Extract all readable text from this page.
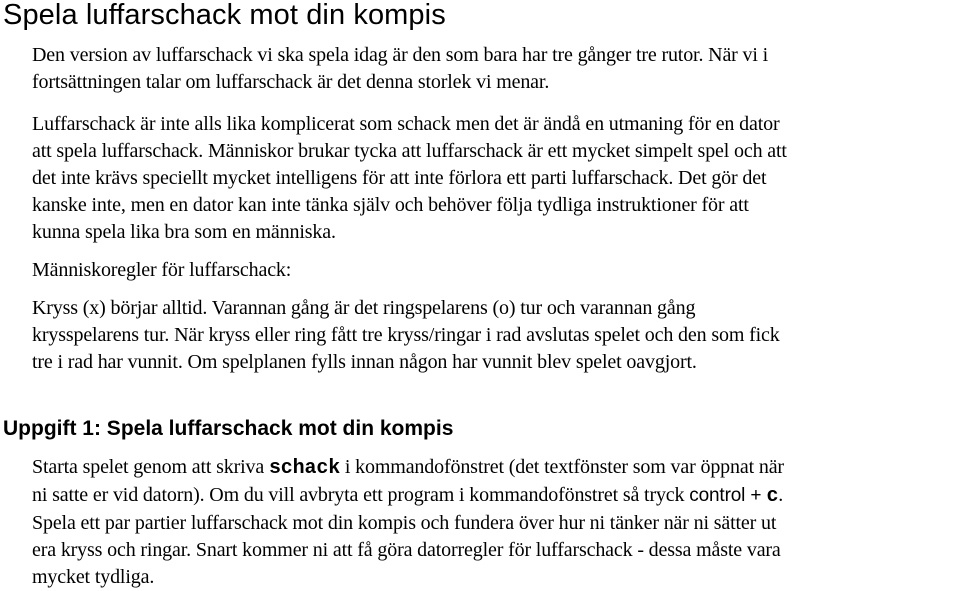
Spela luffarschack mot din kompis

Den version av luffarschack vi ska spela idag är den som bara har tre gånger tre rutor. När vi i
fortsättningen talar om luffarschack är det denna storlek vi menar.

Luffarschack är inte alls lika komplicerat som schack men det är ändå en utmaning för en dator
att spela luffarschack. Människor brukar tycka att luffarschack är ett mycket simpelt spel och att
det inte krävs speciellt mycket intelligens för att inte förlora ett parti luffarschack. Det gör det
kanske inte, men en dator kan inte tänka själv och behöver följa tydliga instruktioner för att
kunna spela lika bra som en människa.

Människoregler för luffarschack:

Kryss (x) börjar alltid. Varannan gång är det ringspelarens (o) tur och varannan gång
krysspelarens tur. När kryss eller ring fått tre kryss/ringar i rad avslutas spelet och den som fick
tre i rad har vunnit. Om spelplanen fylls innan någon har vunnit blev spelet oavgjort.

Uppgift 1: Spela luffarschack mot din kompis

Starta spelet genom att skriva schack i kommandofönstret (det textfönster som var öppnat när
ni satte er vid datorn). Om du vill avbryta ett program i kommandofönstret så tryck control + c.
Spela ett par partier luffarschack mot din kompis och fundera över hur ni tänker när ni sätter ut
era kryss och ringar. Snart kommer ni att få göra datorregler för luffarschack - dessa måste vara
mycket tydliga.
